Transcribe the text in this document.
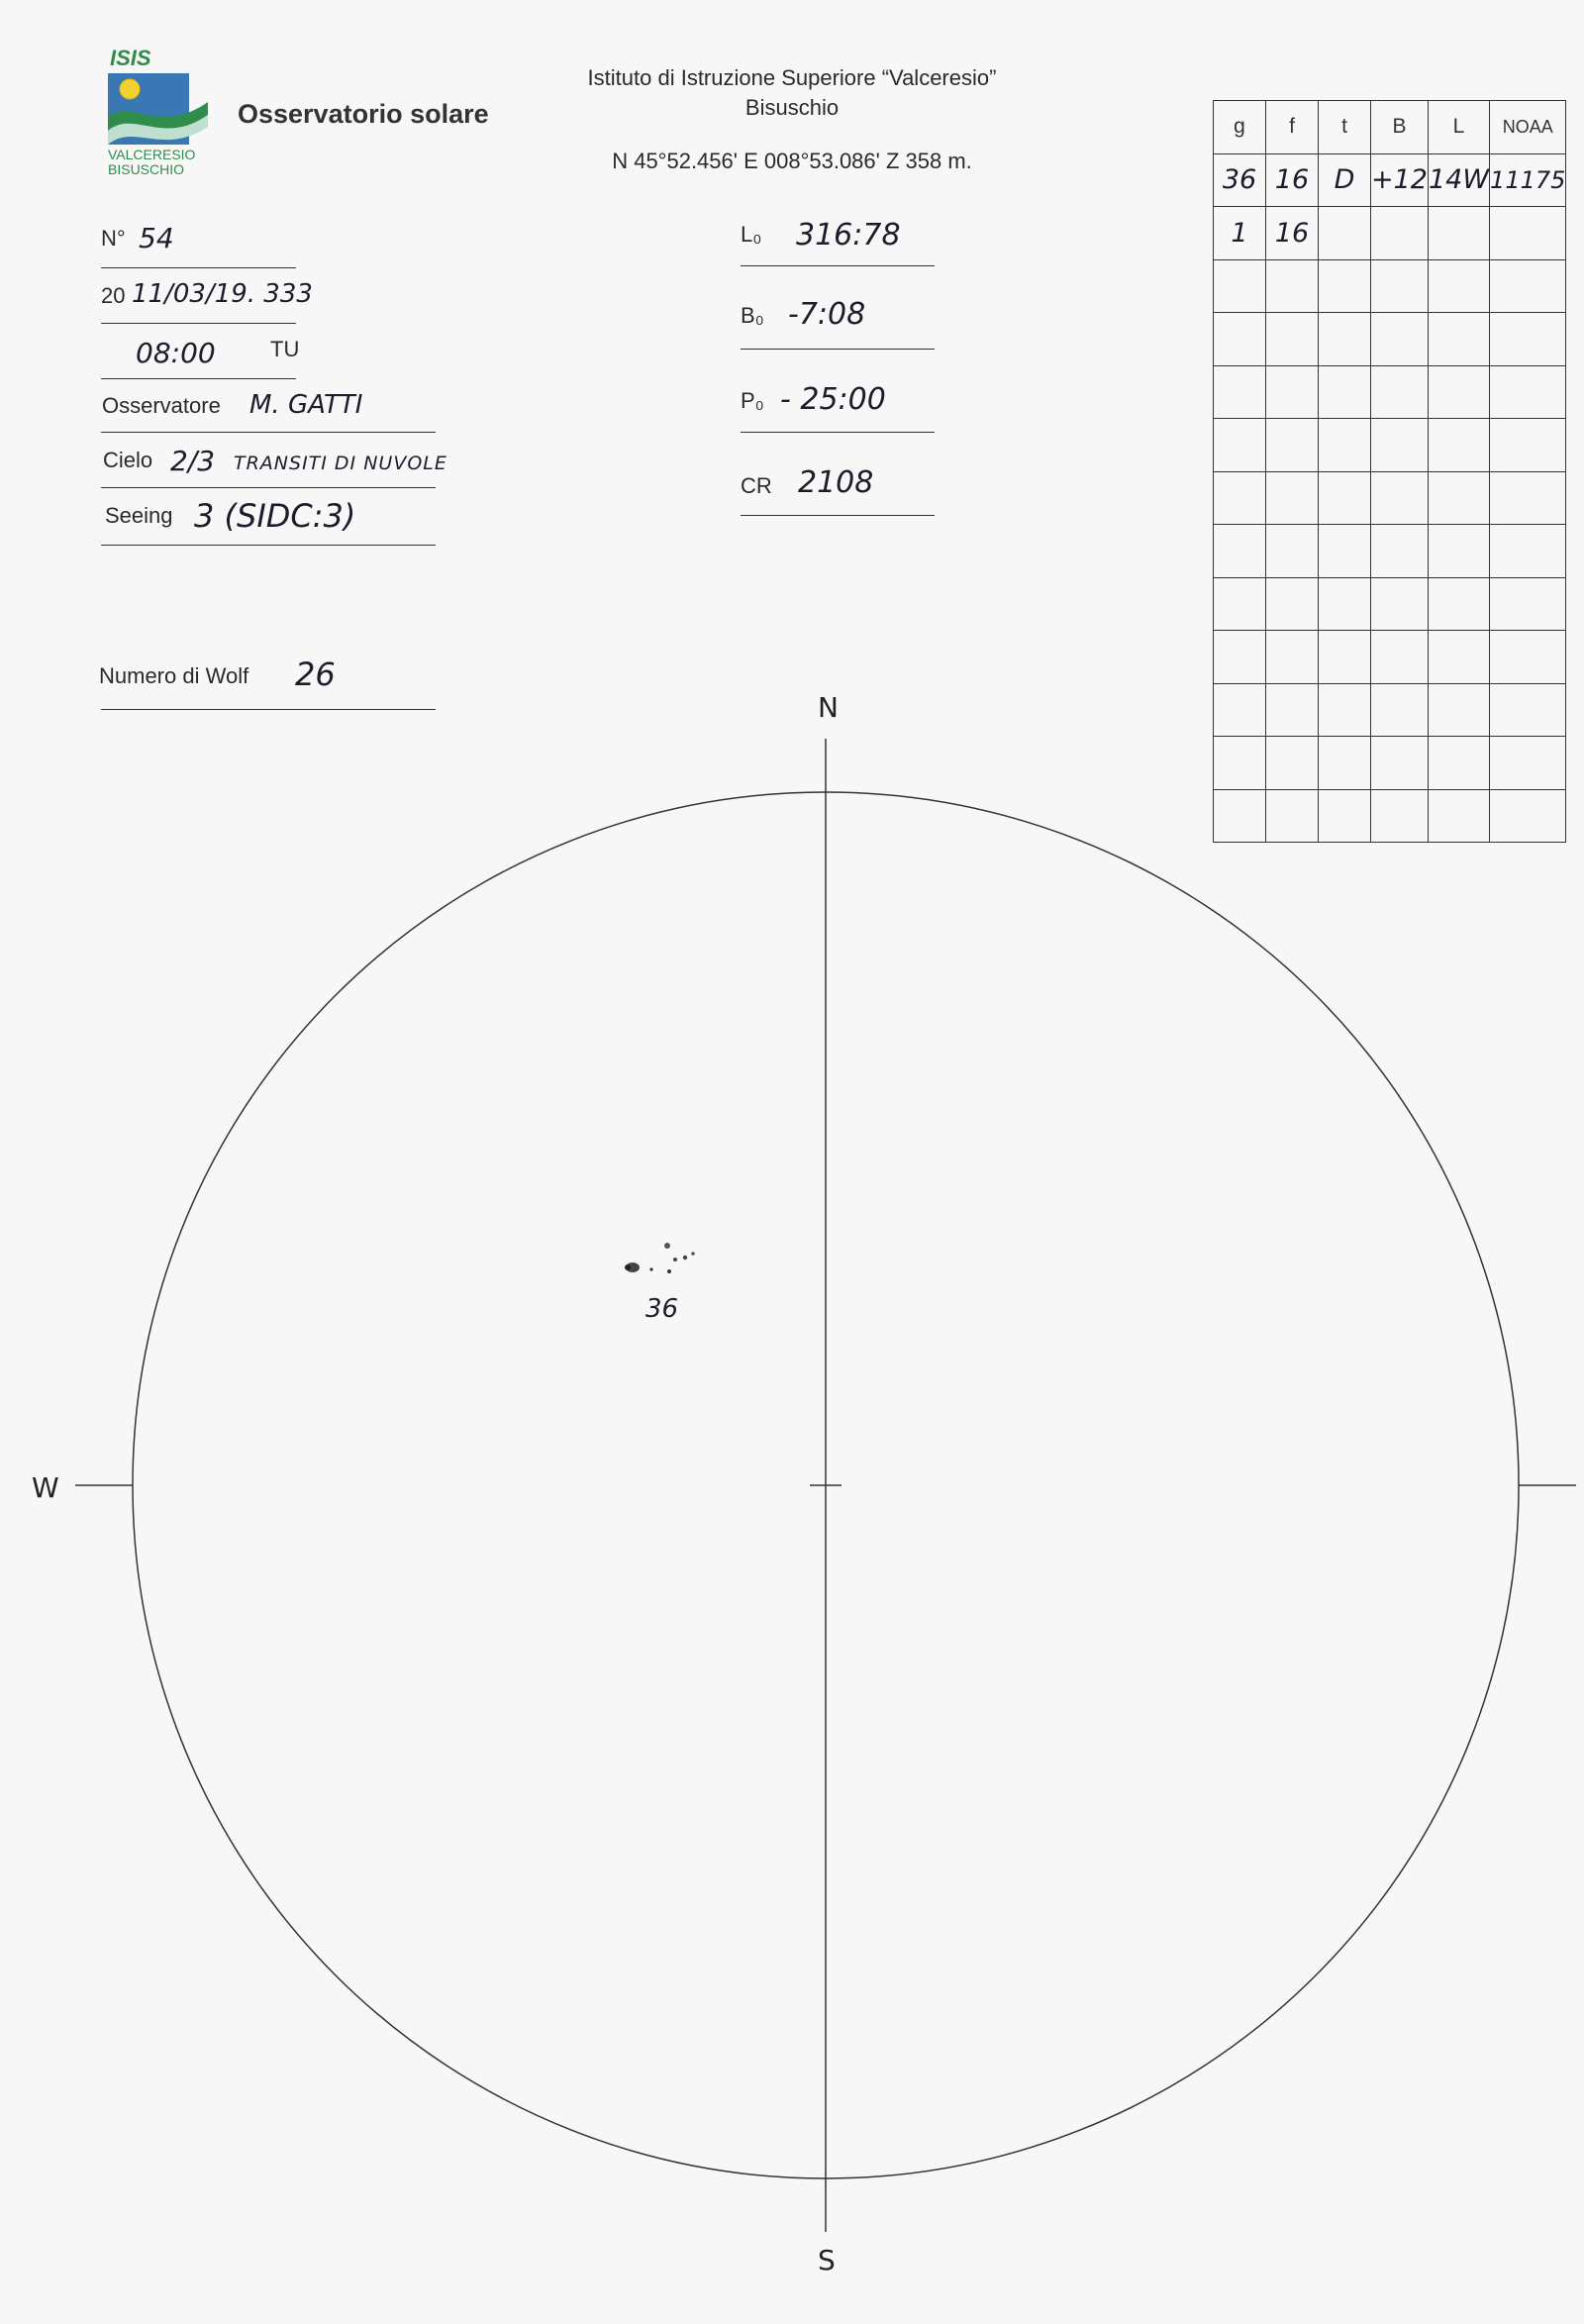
ISIS
VALCERESIO
BISUSCHIO
Osservatorio solare
Istituto di Istruzione Superiore “Valceresio”
Bisuschio
N 45°52.456' E 008°53.086' Z 358 m.
N° 54
20 11/03/19. 333
08:00	TU
Osservatore M. GATTI
Cielo 2/3 TRANSITI DI NUVOLE
Seeing 3 (SIDC:3)
Numero di Wolf 26
L₀ 316:78
B₀ -7:08
P₀ - 25:00
CR 2108
g	f	t	B	L	NOAA
36	16	D	+12	14W	11175
1	16				

36
N
S
W
